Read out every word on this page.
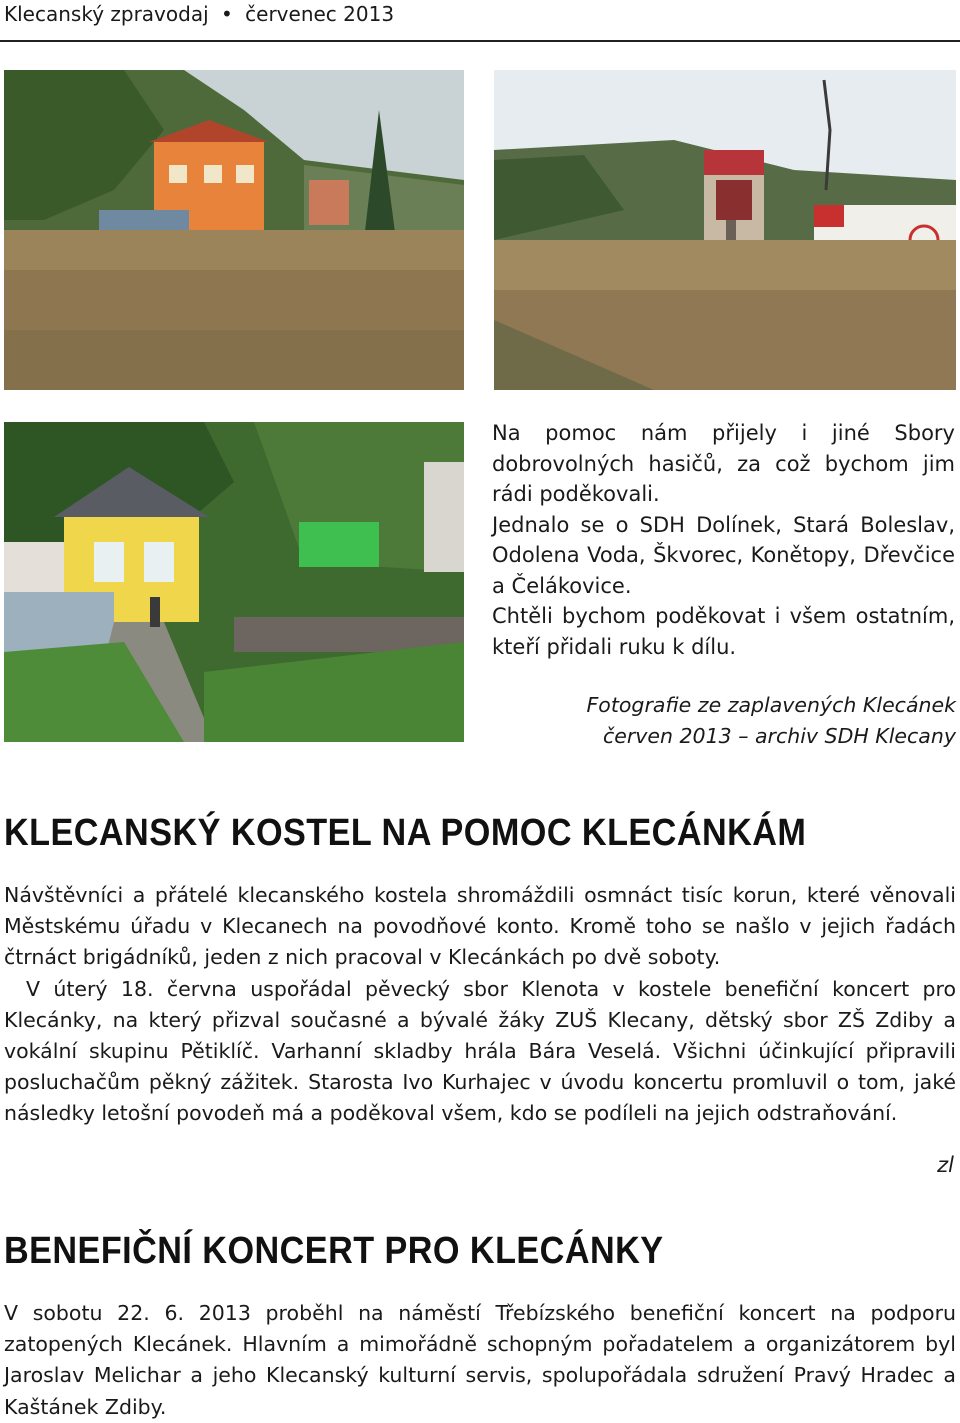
Klecanský zpravodaj • červenec 2013

Na pomoc nám přijely i jiné Sbory dobrovolných hasičů, za což bychom jim rádi poděkovali.

Jednalo se o SDH Dolínek, Stará Boleslav, Odolena Voda, Škvorec, Konětopy, Dřevčice a Čelákovice.

Chtěli bychom poděkovat i všem ostatním, kteří přidali ruku k dílu.

Fotografie ze zaplavených Klecánek
červen 2013 – archiv SDH Klecany
KLECANSKÝ KOSTEL NA POMOC KLECÁNKÁM

Návštěvníci a přátelé klecanského kostela shromáždili osmnáct tisíc korun, které věnovali Městskému úřadu v Klecanech na povodňové konto. Kromě toho se našlo v jejich řadách čtrnáct brigádníků, jeden z nich pracoval v Klecánkách po dvě soboty.

V úterý 18. června uspořádal pěvecký sbor Klenota v kostele benefiční koncert pro Klecánky, na který přizval současné a bývalé žáky ZUŠ Klecany, dětský sbor ZŠ Zdiby a vokální skupinu Pětiklíč. Varhanní skladby hrála Bára Veselá. Všichni účinkující připravili posluchačům pěkný zážitek. Starosta Ivo Kurhajec v úvodu koncertu promluvil o tom, jaké následky letošní povodeň má a poděkoval všem, kdo se podíleli na jejich odstraňování.

zl
BENEFIČNÍ KONCERT PRO KLECÁNKY

V sobotu 22. 6. 2013 proběhl na náměstí Třebízského benefiční koncert na podporu zatopených Klecánek. Hlavním a mimořádně schopným pořadatelem a organizátorem byl Jaroslav Melichar a jeho Klecanský kulturní servis, spolupořádala sdružení Pravý Hradec a Kaštánek Zdiby.
